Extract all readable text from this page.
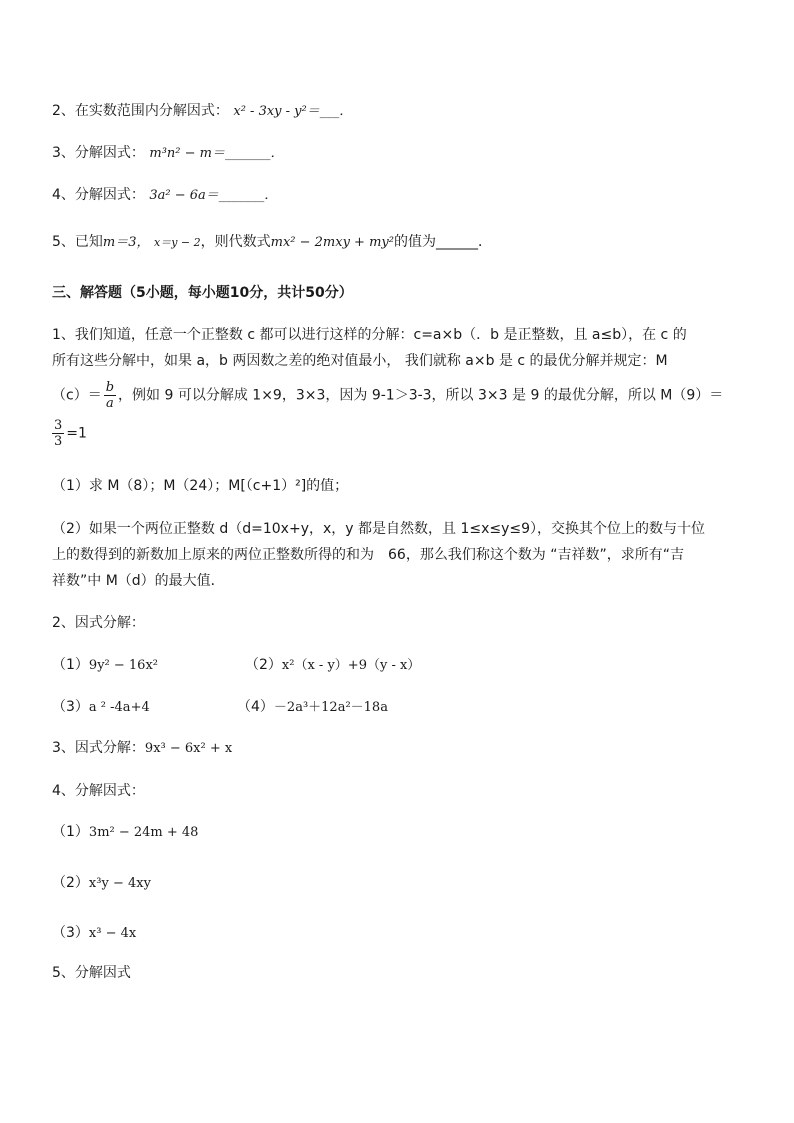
2、在实数范围内分解因式： x² - 3xy - y²＝___．
3、分解因式： m³n² − m＝_______．
4、分解因式： 3a² − 6a＝_______．
5、已知m＝3， x＝y − 2，则代数式mx² − 2mxy + my²的值为______．
三、解答题（5小题，每小题10分，共计50分）
1、我们知道，任意一个正整数 c 都可以进行这样的分解：c=a×b（．b 是正整数，且 a≤b），在 c 的
所有这些分解中，如果 a，b 两因数之差的绝对值最小， 我们就称 a×b 是 c 的最优分解并规定：M
$(c)= \frac{b}{a}$ ，例如 9 可以分解成 1×9，3×3，因为 9-1＞3-3，所以 3×3 是 9 的最优分解，所以 M（9）＝
$\frac{3}{3} =1$
（1）求 M（8）；M（24）；M[（c+1）²]的值；
（2）如果一个两位正整数 d（d=10x+y，x，y 都是自然数，且 1≤x≤y≤9），交换其个位上的数与十位
上的数得到的新数加上原来的两位正整数所得的和为　66，那么我们称这个数为 “吉祥数”，求所有“吉
祥数”中 M（d）的最大值．
2、因式分解：
（1）9y² − 16x²	（2）x²（x - y）+9（y - x）
（3）a ² -4a+4	（4）－2a³＋12a²－18a
3、因式分解：9x³ − 6x² + x
4、分解因式：
（1）3m² − 24m + 48
（2）x³y − 4xy
（3）x³ − 4x
5、分解因式
